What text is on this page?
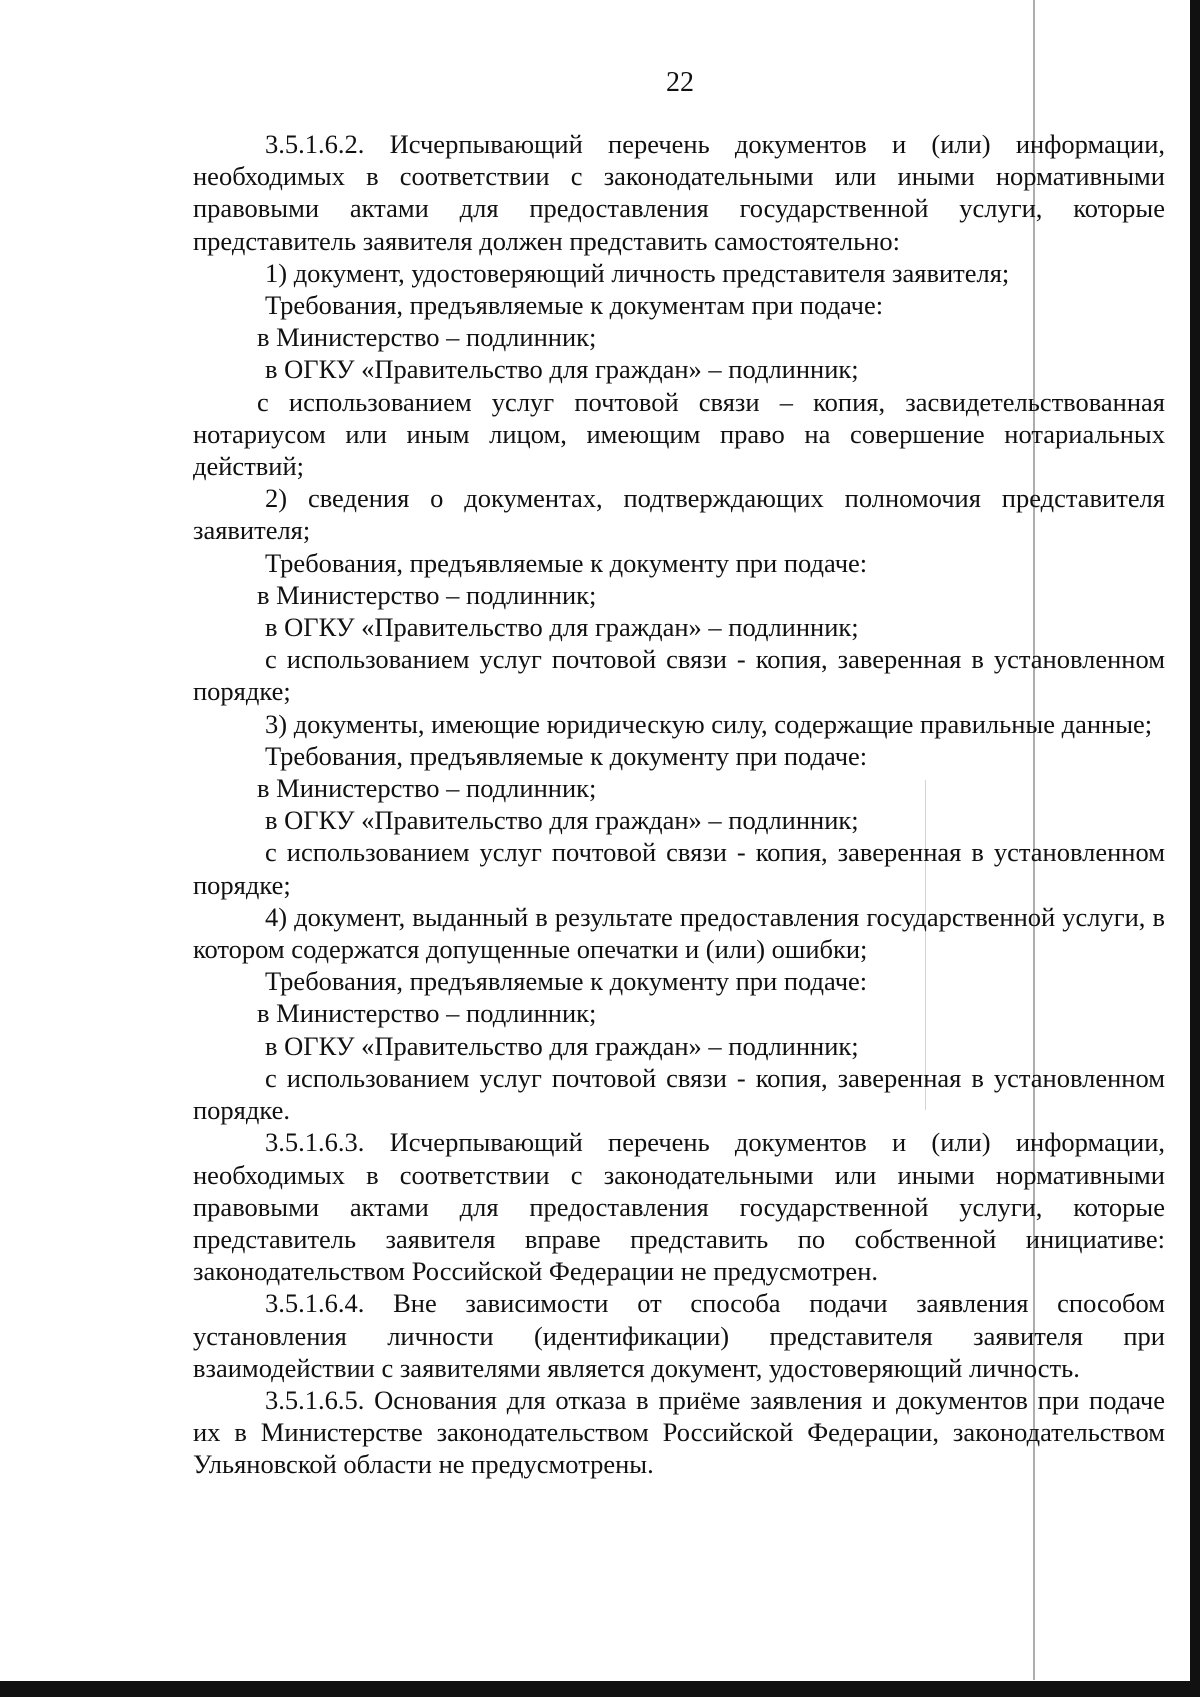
22

3.5.1.6.2. Исчерпывающий перечень документов и (или) информации, необходимых в соответствии с законодательными или иными нормативными правовыми актами для предоставления государственной услуги, которые представитель заявителя должен представить самостоятельно:

1) документ, удостоверяющий личность представителя заявителя;

Требования, предъявляемые к документам при подаче:

в Министерство – подлинник;

в ОГКУ «Правительство для граждан» – подлинник;

с использованием услуг почтовой связи – копия, засвидетельствованная нотариусом или иным лицом, имеющим право на совершение нотариальных действий;

2) сведения о документах, подтверждающих полномочия представителя заявителя;

Требования, предъявляемые к документу при подаче:

в Министерство – подлинник;

в ОГКУ «Правительство для граждан» – подлинник;

с использованием услуг почтовой связи - копия, заверенная в установленном порядке;

3) документы, имеющие юридическую силу, содержащие правильные данные;

Требования, предъявляемые к документу при подаче:

в Министерство – подлинник;

в ОГКУ «Правительство для граждан» – подлинник;

с использованием услуг почтовой связи - копия, заверенная в установленном порядке;

4) документ, выданный в результате предоставления государственной услуги, в котором содержатся допущенные опечатки и (или) ошибки;

Требования, предъявляемые к документу при подаче:

в Министерство – подлинник;

в ОГКУ «Правительство для граждан» – подлинник;

с использованием услуг почтовой связи - копия, заверенная в установленном порядке.

3.5.1.6.3. Исчерпывающий перечень документов и (или) информации, необходимых в соответствии с законодательными или иными нормативными правовыми актами для предоставления государственной услуги, которые представитель заявителя вправе представить по собственной инициативе: законодательством Российской Федерации не предусмотрен.

3.5.1.6.4. Вне зависимости от способа подачи заявления способом установления личности (идентификации) представителя заявителя при взаимодействии с заявителями является документ, удостоверяющий личность.

3.5.1.6.5. Основания для отказа в приёме заявления и документов при подаче их в Министерстве законодательством Российской Федерации, законодательством Ульяновской области не предусмотрены.
